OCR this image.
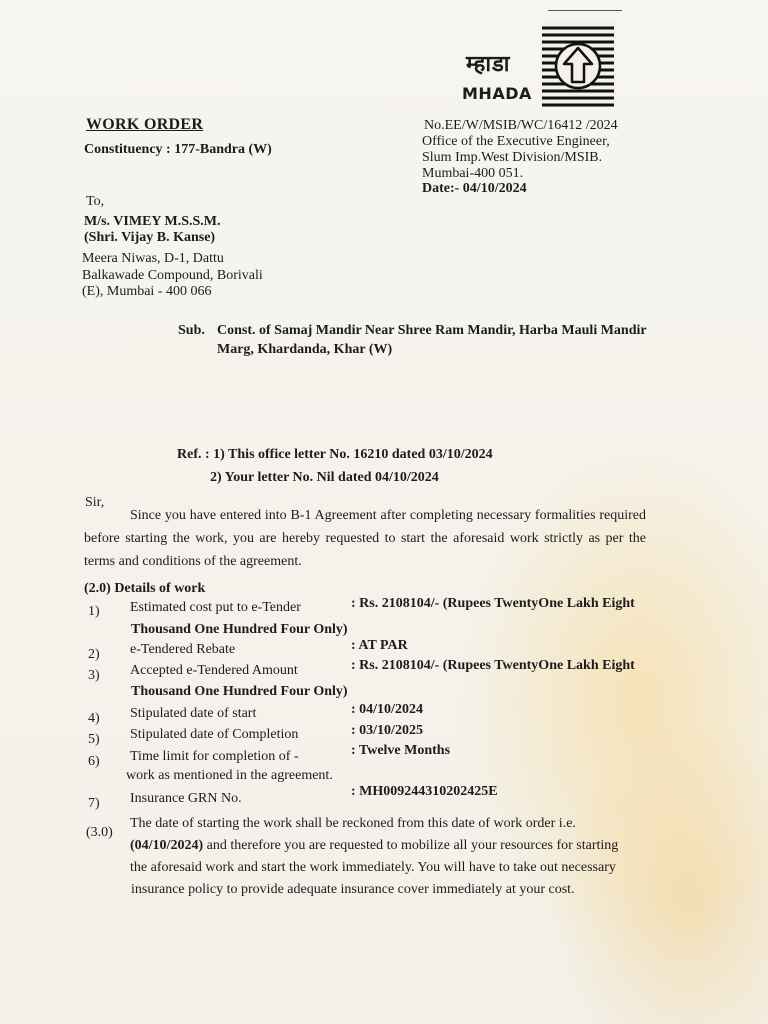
म्हाडा
MHADA
WORK ORDER
Constituency : 177-Bandra (W)
No.EE/W/MSIB/WC/16412 /2024
Office of the Executive Engineer,
Slum Imp.West Division/MSIB.
Mumbai-400 051.
Date:- 04/10/2024
To,
M/s. VIMEY M.S.S.M.
(Shri. Vijay B. Kanse)
Meera Niwas, D-1, Dattu
Balkawade Compound, Borivali
(E), Mumbai - 400 066
Sub. Const. of Samaj Mandir Near Shree Ram Mandir, Harba Mauli Mandir
Marg, Khardanda, Khar (W)
Ref. : 1) This office letter No. 16210 dated 03/10/2024
2) Your letter No. Nil dated 04/10/2024
Sir,
Since you have entered into B-1 Agreement after completing necessary formalities required before starting the work, you are hereby requested to start the aforesaid work strictly as per the terms and conditions of the agreement.
(2.0) Details of work
1) Estimated cost put to e-Tender	: Rs. 2108104/- (Rupees TwentyOne Lakh Eight
Thousand One Hundred Four Only)
2) e-Tendered Rebate	: AT PAR
3) Accepted e-Tendered Amount	: Rs. 2108104/- (Rupees TwentyOne Lakh Eight
Thousand One Hundred Four Only)
4) Stipulated date of start	: 04/10/2024
5) Stipulated date of Completion	: 03/10/2025
6) Time limit for completion of -	: Twelve Months
work as mentioned in the agreement.
7) Insurance GRN No.	: MH009244310202425E
(3.0)
The date of starting the work shall be reckoned from this date of work order i.e.
(04/10/2024) and therefore you are requested to mobilize all your resources for starting
the aforesaid work and start the work immediately. You will have to take out necessary
insurance policy to provide adequate insurance cover immediately at your cost.
